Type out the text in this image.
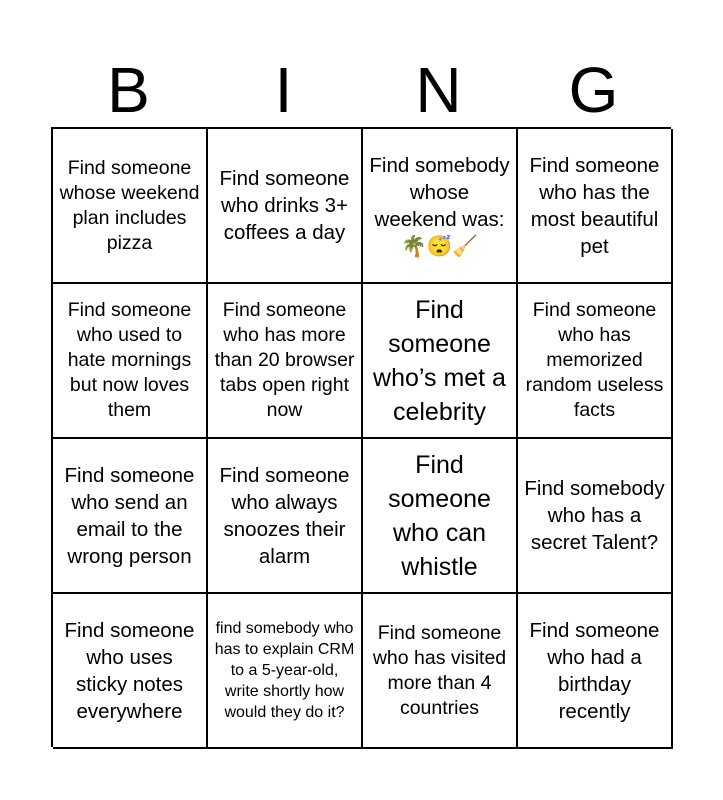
B	I	N	G
Find someone whose weekend plan includes pizza
Find someone who drinks 3+ coffees a day
Find somebody whose weekend was:🌴😴🧹
Find someone who has the most beautiful pet
Find someone who used to hate mornings but now loves them
Find someone who has more than 20 browser tabs open right now
Find someone who’s met a celebrity
Find someone who has memorized random useless facts
Find someone who send an email to the wrong person
Find someone who always snoozes their alarm
Find someone who can whistle
Find somebody who has a secret Talent?
Find someone who uses sticky notes everywhere
find somebody who has to explain CRM to a 5-year-old, write shortly how would they do it?
Find someone who has visited more than 4 countries
Find someone who had a birthday recently
